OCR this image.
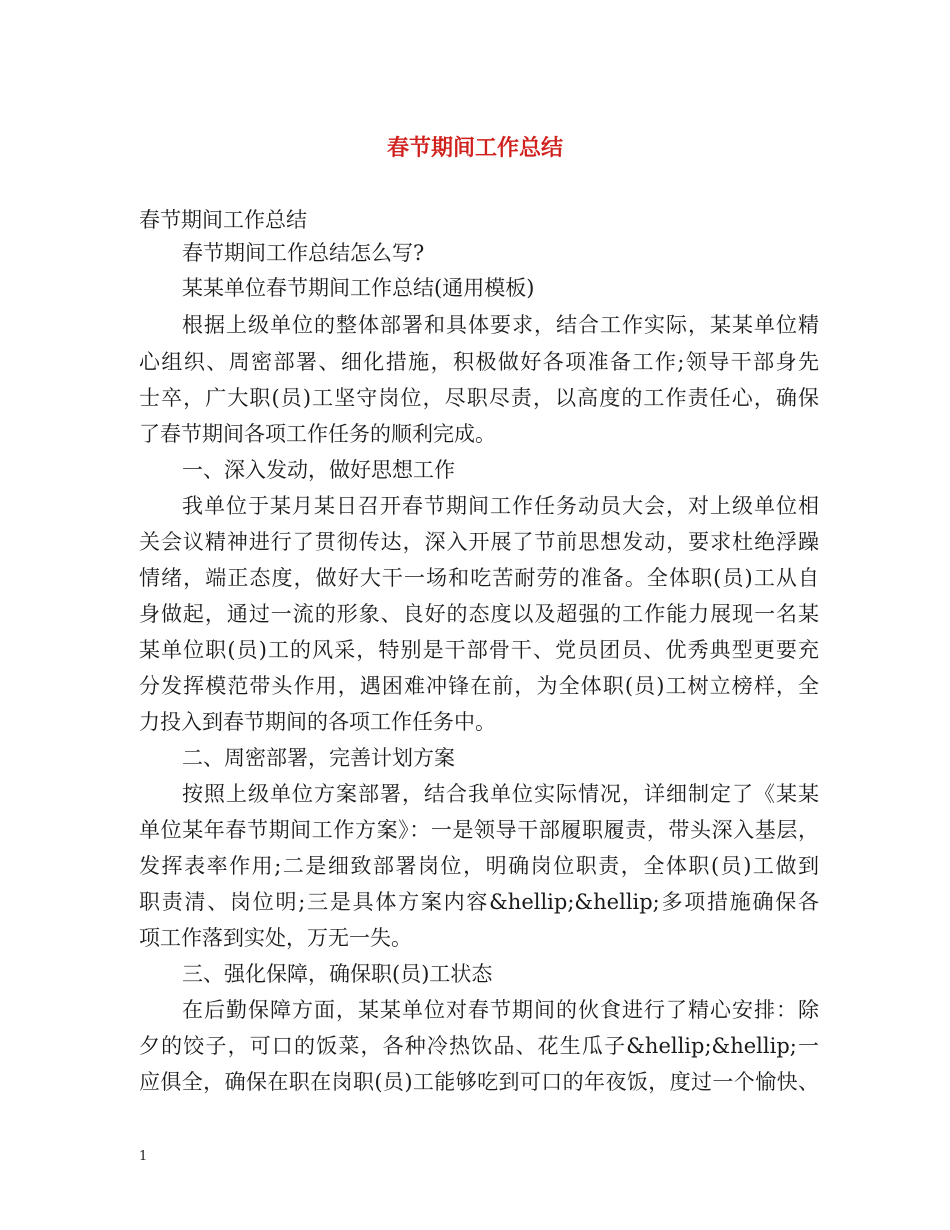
春节期间工作总结
春节期间工作总结
春节期间工作总结怎么写?
某某单位春节期间工作总结(通用模板)
根据上级单位的整体部署和具体要求，结合工作实际，某某单位精
心组织、周密部署、细化措施，积极做好各项准备工作;领导干部身先
士卒，广大职(员)工坚守岗位，尽职尽责，以高度的工作责任心，确保
了春节期间各项工作任务的顺利完成。
一、深入发动，做好思想工作
我单位于某月某日召开春节期间工作任务动员大会，对上级单位相
关会议精神进行了贯彻传达，深入开展了节前思想发动，要求杜绝浮躁
情绪，端正态度，做好大干一场和吃苦耐劳的准备。全体职(员)工从自
身做起，通过一流的形象、良好的态度以及超强的工作能力展现一名某
某单位职(员)工的风采，特别是干部骨干、党员团员、优秀典型更要充
分发挥模范带头作用，遇困难冲锋在前，为全体职(员)工树立榜样，全
力投入到春节期间的各项工作任务中。
二、周密部署，完善计划方案
按照上级单位方案部署，结合我单位实际情况，详细制定了《某某
单位某年春节期间工作方案》：一是领导干部履职履责，带头深入基层，
发挥表率作用;二是细致部署岗位，明确岗位职责，全体职(员)工做到
职责清、岗位明;三是具体方案内容&hellip;&hellip;多项措施确保各
项工作落到实处，万无一失。
三、强化保障，确保职(员)工状态
在后勤保障方面，某某单位对春节期间的伙食进行了精心安排：除
夕的饺子，可口的饭菜，各种冷热饮品、花生瓜子&hellip;&hellip;一
应俱全，确保在职在岗职(员)工能够吃到可口的年夜饭，度过一个愉快、
1
